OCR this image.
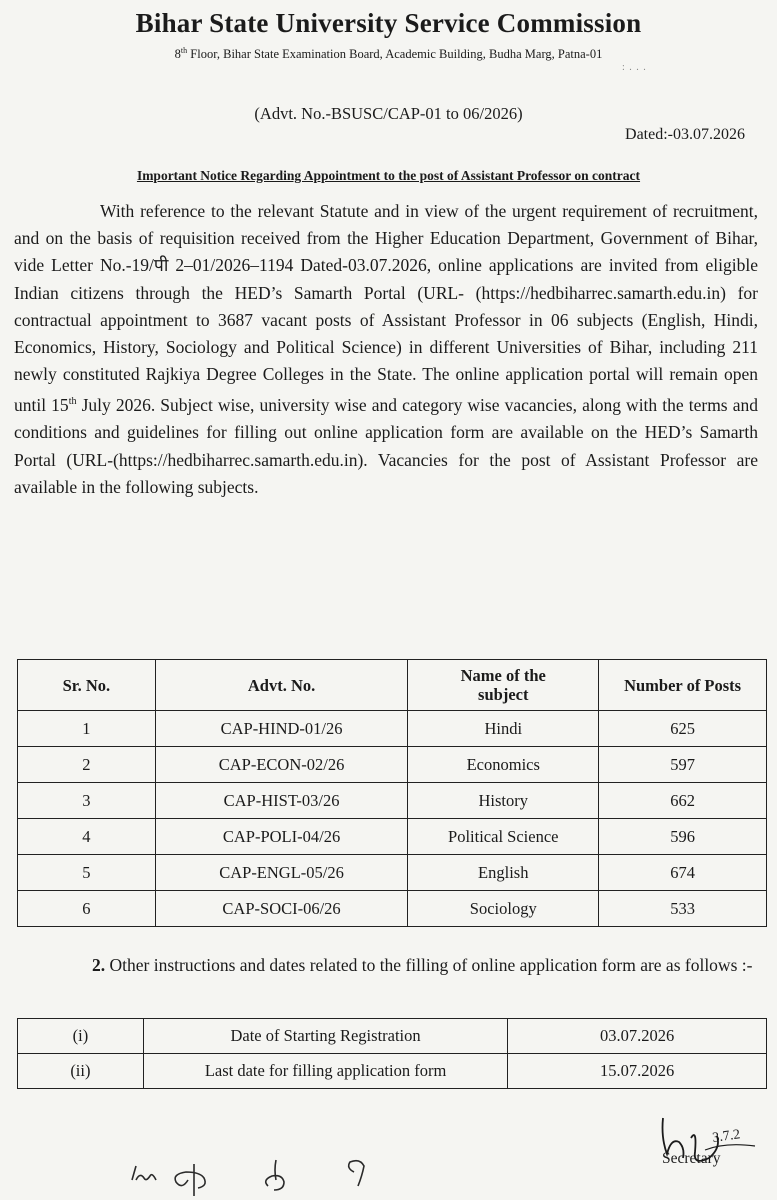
Bihar State University Service Commission
8th Floor, Bihar State Examination Board, Academic Building, Budha Marg, Patna-01
: . . .
(Advt. No.-BSUSC/CAP-01 to 06/2026)
Dated:-03.07.2026
Important Notice Regarding Appointment to the post of Assistant Professor on contract

With reference to the relevant Statute and in view of the urgent requirement of recruitment, and on the basis of requisition received from the Higher Education Department, Government of Bihar, vide Letter No.-19/पी 2–01/2026–1194 Dated-03.07.2026, online applications are invited from eligible Indian citizens through the HED’s Samarth Portal (URL- (https://hedbiharrec.samarth.edu.in) for contractual appointment to 3687 vacant posts of Assistant Professor in 06 subjects (English, Hindi, Economics, History, Sociology and Political Science) in different Universities of Bihar, including 211 newly constituted Rajkiya Degree Colleges in the State. The online application portal will remain open until 15th July 2026. Subject wise, university wise and category wise vacancies, along with the terms and conditions and guidelines for filling out online application form are available on the HED’s Samarth Portal (URL-(https://hedbiharrec.samarth.edu.in). Vacancies for the post of Assistant Professor are available in the following subjects.

Sr. No.	Advt. No.	Name of the subject	Number of Posts
1	CAP-HIND-01/26	Hindi	625
2	CAP-ECON-02/26	Economics	597
3	CAP-HIST-03/26	History	662
4	CAP-POLI-04/26	Political Science	596
5	CAP-ENGL-05/26	English	674
6	CAP-SOCI-06/26	Sociology	533

2. Other instructions and dates related to the filling of online application form are as follows :-

(i)	Date of Starting Registration	03.07.2026
(ii)	Last date for filling application form	15.07.2026
3.7.2
Secretary
